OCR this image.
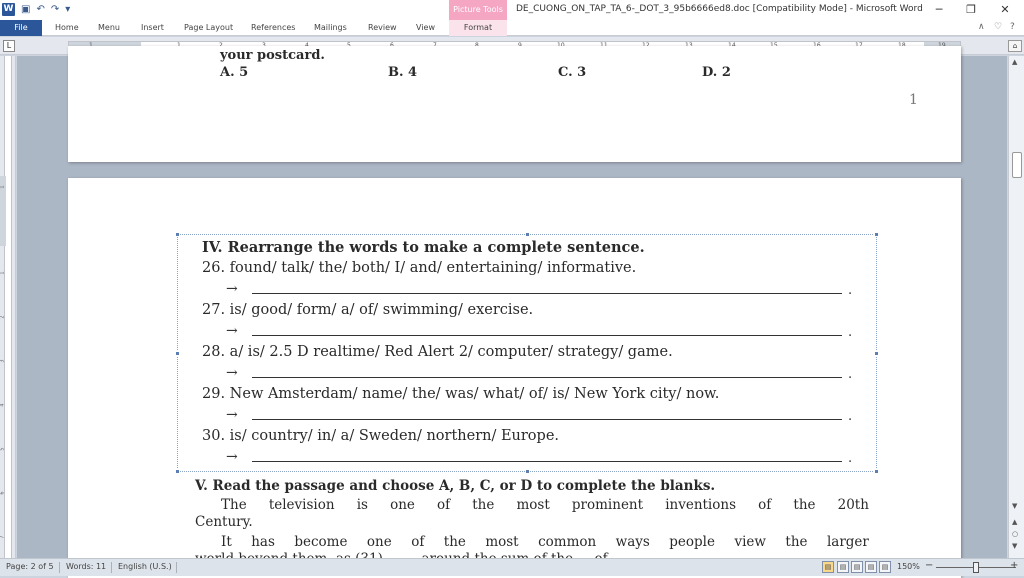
W ▣ ↶ ↷ ▾	Picture Tools	DE_CUONG_ON_TAP_TA_6-_DOT_3_95b6666ed8.doc [Compatibility Mode] - Microsoft Word	─	❐	✕
File	Home Menu	Insert	Page Layout References Mailings	Review View	Format	∧ ♡ ?
L	⌂
1
1
2
3
4
5
6
7
your postcard.
A. 5	B. 4	C. 3	D. 2
1
IV. Rearrange the words to make a complete sentence.
26. found/ talk/ the/ both/ I/ and/ entertaining/ informative.
→	.
27. is/ good/ form/ a/ of/ swimming/ exercise.
→	.
28. a/ is/ 2.5 D realtime/ Red Alert 2/ computer/ strategy/ game.
→	.
29. New Amsterdam/ name/ the/ was/ what/ of/ is/ New York city/ now.
→	.
30. is/ country/ in/ a/ Sweden/ northern/ Europe.
→	.
V. Read the passage and choose A, B, C, or D to complete the blanks.
The television is one of the most prominent inventions of the 20th
Century.
It has become one of the most common ways people view the larger
▲
▼
▲
○
▼
Page: 2 of 5 Words: 11 English (U.S.)	▤	▤	▤	▤	▤	150% −	+
